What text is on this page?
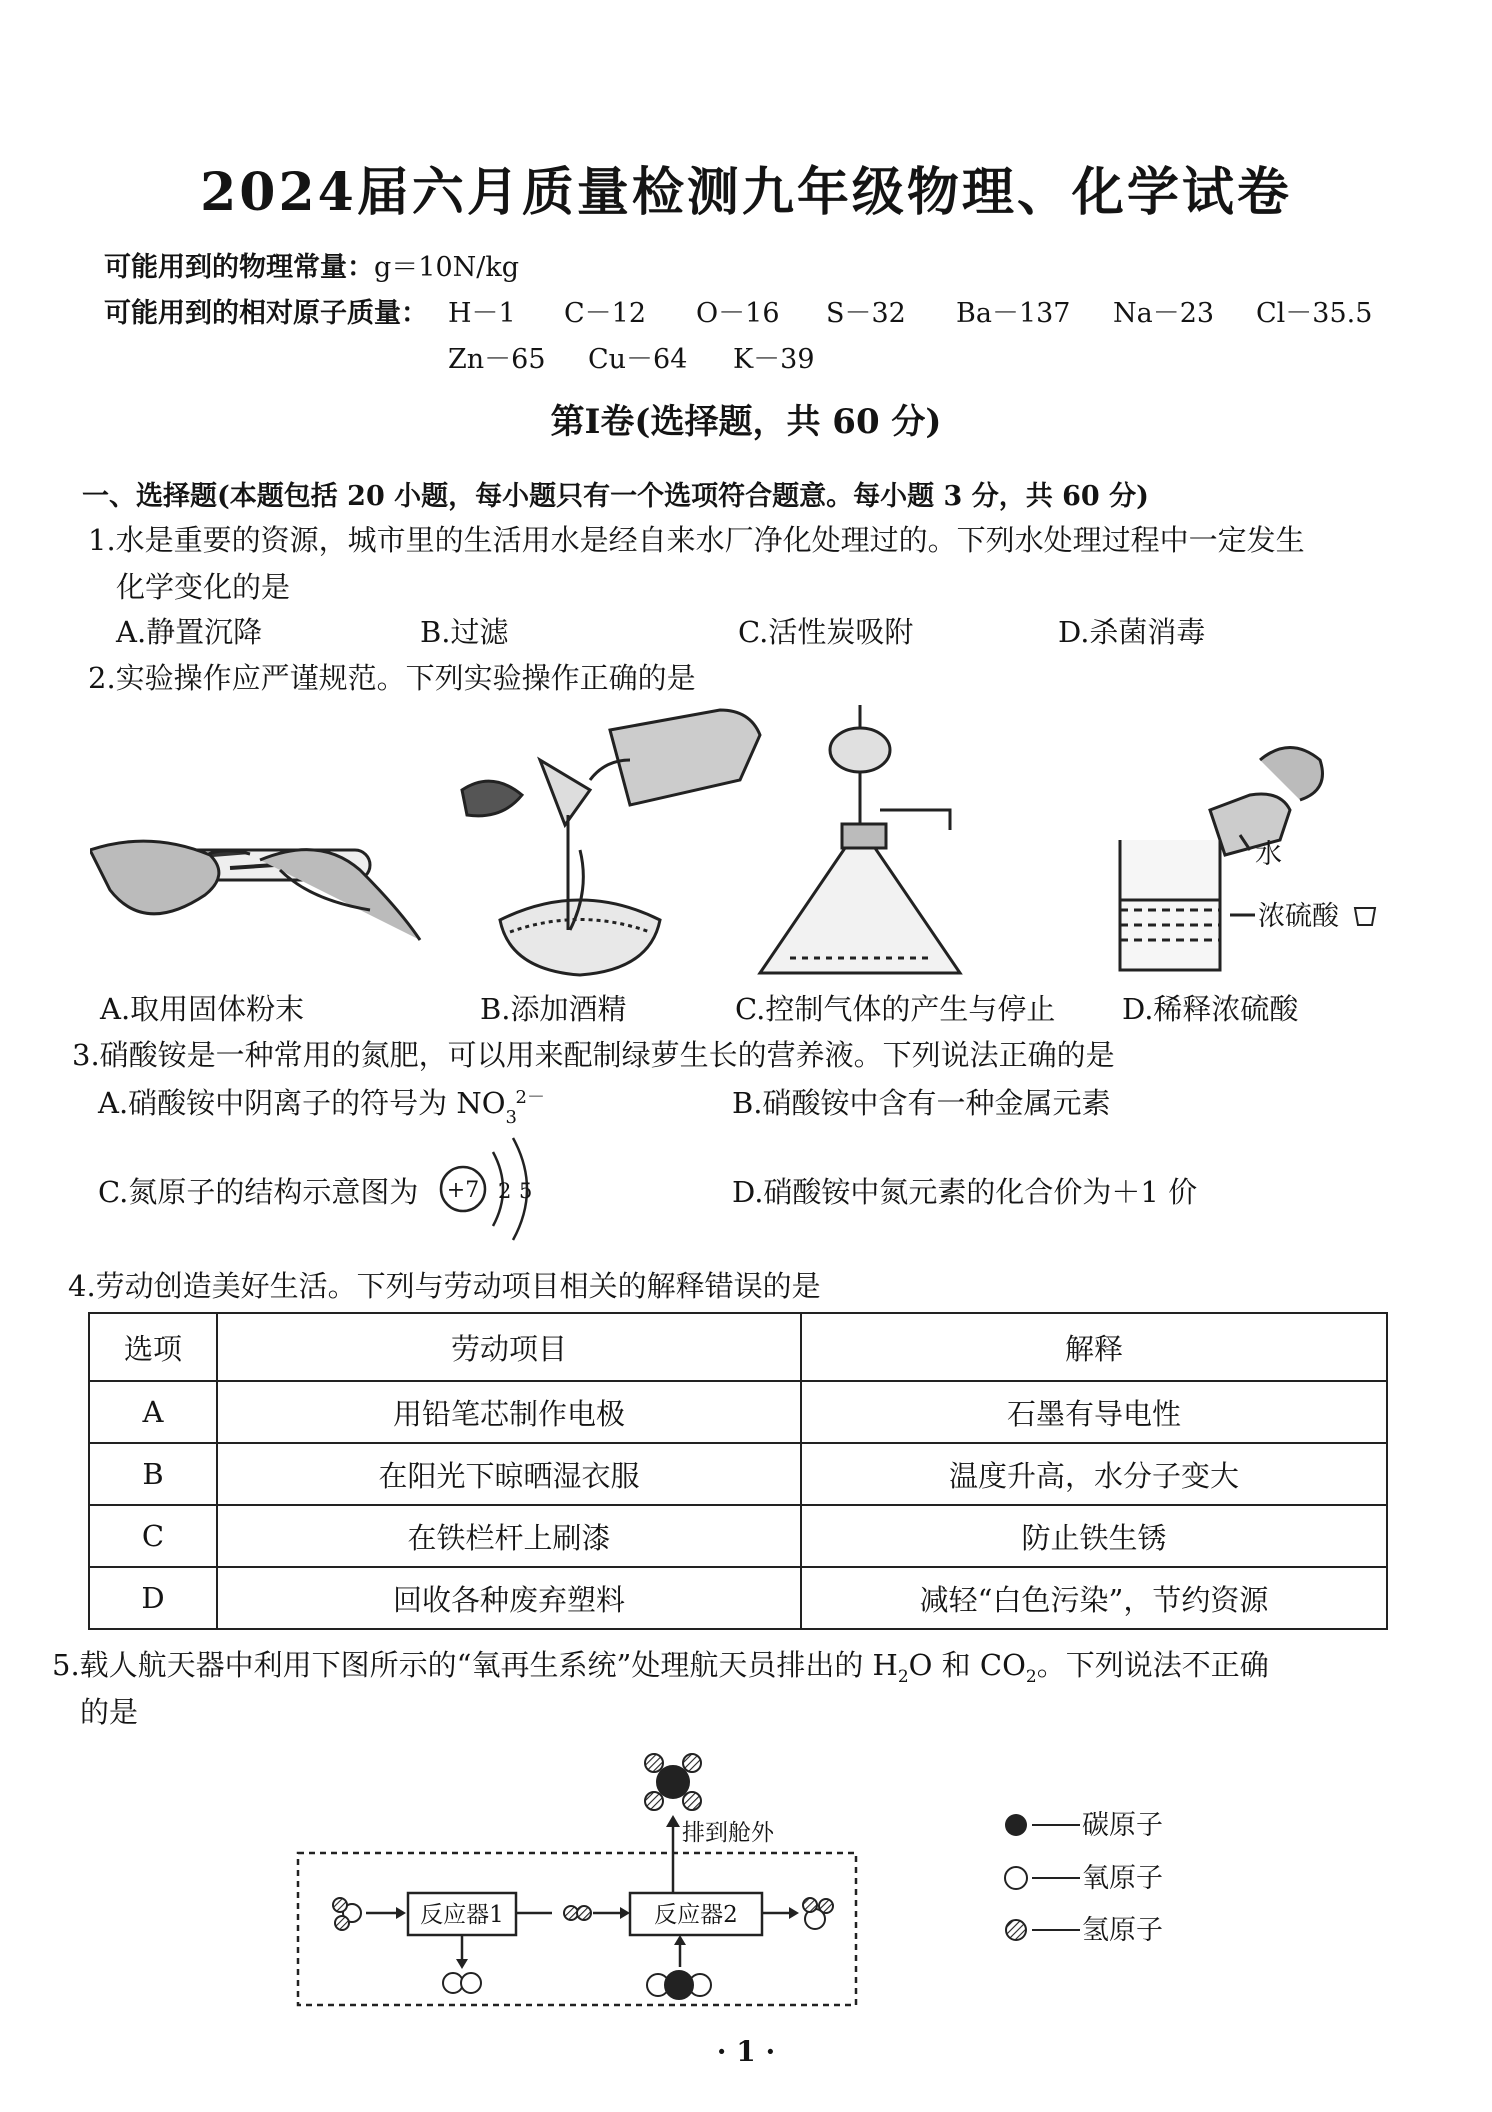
2024届六月质量检测九年级物理、化学试卷
可能用到的物理常量：g＝10N/kg
可能用到的相对原子质量： H－1 C－12 O－16 S－32 Ba－137 Na－23 Cl－35.5
Zn－65 Cu－64 K－39
第Ⅰ卷(选择题，共 60 分)
一、选择题(本题包括 20 小题，每小题只有一个选项符合题意。每小题 3 分，共 60 分)
1.水是重要的资源，城市里的生活用水是经自来水厂净化处理过的。下列水处理过程中一定发生
化学变化的是
A.静置沉降	B.过滤	C.活性炭吸附	D.杀菌消毒
2.实验操作应严谨规范。下列实验操作正确的是
水
浓硫酸
A.取用固体粉末	B.添加酒精	C.控制气体的产生与停止 D.稀释浓硫酸
3.硝酸铵是一种常用的氮肥，可以用来配制绿萝生长的营养液。下列说法正确的是
A.硝酸铵中阴离子的符号为 NO 3
2－	B.硝酸铵中含有一种金属元素
C.氮原子的结构示意图为 +7 2 5	D.硝酸铵中氮元素的化合价为＋1 价
4.劳动创造美好生活。下列与劳动项目相关的解释错误的是
选项	劳动项目	解释
A	用铅笔芯制作电极	石墨有导电性
B	在阳光下晾晒湿衣服	温度升高，水分子变大
C	在铁栏杆上刷漆	防止铁生锈
D	回收各种废弃塑料	减轻“白色污染”，节约资源
5.载人航天器中利用下图所示的“氧再生系统”处理航天员排出的 $H_2O$ 和 $CO_2$。下列说法不正确
的是
排到舱外
反应器1	反应器2
碳原子
氧原子
氢原子
· 1 ·
